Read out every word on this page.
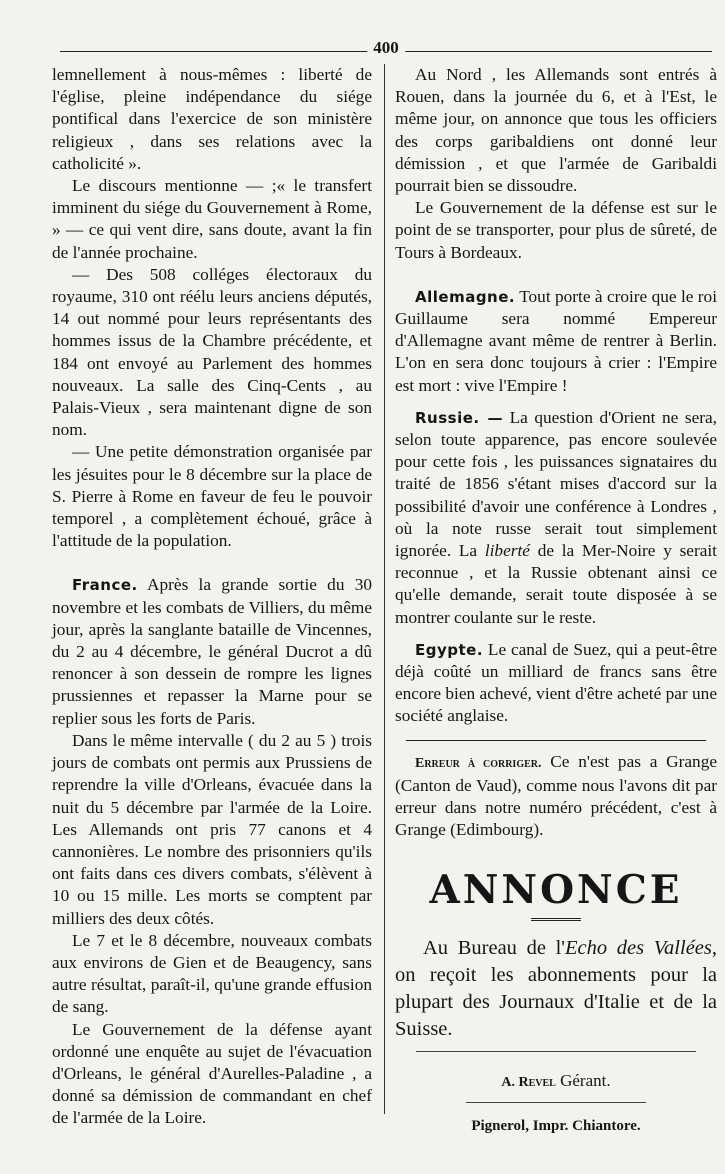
400

lemnellement à nous-mêmes : liberté de l'église, pleine indépendance du siége pontifical dans l'exercice de son ministère religieux , dans ses relations avec la catholicité ».

Le discours mentionne — ;« le transfert imminent du siége du Gouvernement à Rome, » — ce qui vent dire, sans doute, avant la fin de l'année prochaine.

— Des 508 colléges électoraux du royaume, 310 ont réélu leurs anciens députés, 14 out nommé pour leurs représentants des hommes issus de la Chambre précédente, et 184 ont envoyé au Parlement des hommes nouveaux. La salle des Cinq-Cents , au Palais-Vieux , sera maintenant digne de son nom.

— Une petite démonstration organisée par les jésuites pour le 8 décembre sur la place de S. Pierre à Rome en faveur de feu le pouvoir temporel , a complètement échoué, grâce à l'attitude de la population.

France. Après la grande sortie du 30 novembre et les combats de Villiers, du même jour, après la sanglante bataille de Vincennes, du 2 au 4 décembre, le général Ducrot a dû renoncer à son dessein de rompre les lignes prussiennes et repasser la Marne pour se replier sous les forts de Paris.

Dans le même intervalle ( du 2 au 5 ) trois jours de combats ont permis aux Prussiens de reprendre la ville d'Orleans, évacuée dans la nuit du 5 décembre par l'armée de la Loire. Les Allemands ont pris 77 canons et 4 cannonières. Le nombre des prisonniers qu'ils ont faits dans ces divers combats, s'élèvent à 10 ou 15 mille. Les morts se comptent par milliers des deux côtés.

Le 7 et le 8 décembre, nouveaux combats aux environs de Gien et de Beaugency, sans autre résultat, paraît-il, qu'une grande effusion de sang.

Le Gouvernement de la défense ayant ordonné une enquête au sujet de l'évacuation d'Orleans, le général d'Aurelles-Paladine , a donné sa démission de commandant en chef de l'armée de la Loire.

Au Nord , les Allemands sont entrés à Rouen, dans la journée du 6, et à l'Est, le même jour, on annonce que tous les officiers des corps garibaldiens ont donné leur démission , et que l'armée de Garibaldi pourrait bien se dissoudre.

Le Gouvernement de la défense est sur le point de se transporter, pour plus de sûreté, de Tours à Bordeaux.

Allemagne. Tout porte à croire que le roi Guillaume sera nommé Empereur d'Allemagne avant même de rentrer à Berlin. L'on en sera donc toujours à crier : l'Empire est mort : vive l'Empire !

Russie. — La question d'Orient ne sera, selon toute apparence, pas encore soulevée pour cette fois , les puissances signataires du traité de 1856 s'étant mises d'accord sur la possibilité d'avoir une conférence à Londres , où la note russe serait tout simplement ignorée. La liberté de la Mer-Noire y serait reconnue , et la Russie obtenant ainsi ce qu'elle demande, serait toute disposée à se montrer coulante sur le reste.

Egypte. Le canal de Suez, qui a peut-être déjà coûté un milliard de francs sans être encore bien achevé, vient d'être acheté par une société anglaise.

Erreur à corriger. Ce n'est pas a Grange (Canton de Vaud), comme nous l'avons dit par erreur dans notre numéro précédent, c'est à Grange (Edimbourg).

ANNONCE

Au Bureau de l'Echo des Vallées, on reçoit les abonnements pour la plupart des Journaux d'Italie et de la Suisse.

A. Revel Gérant.
Pignerol, Impr. Chiantore.
